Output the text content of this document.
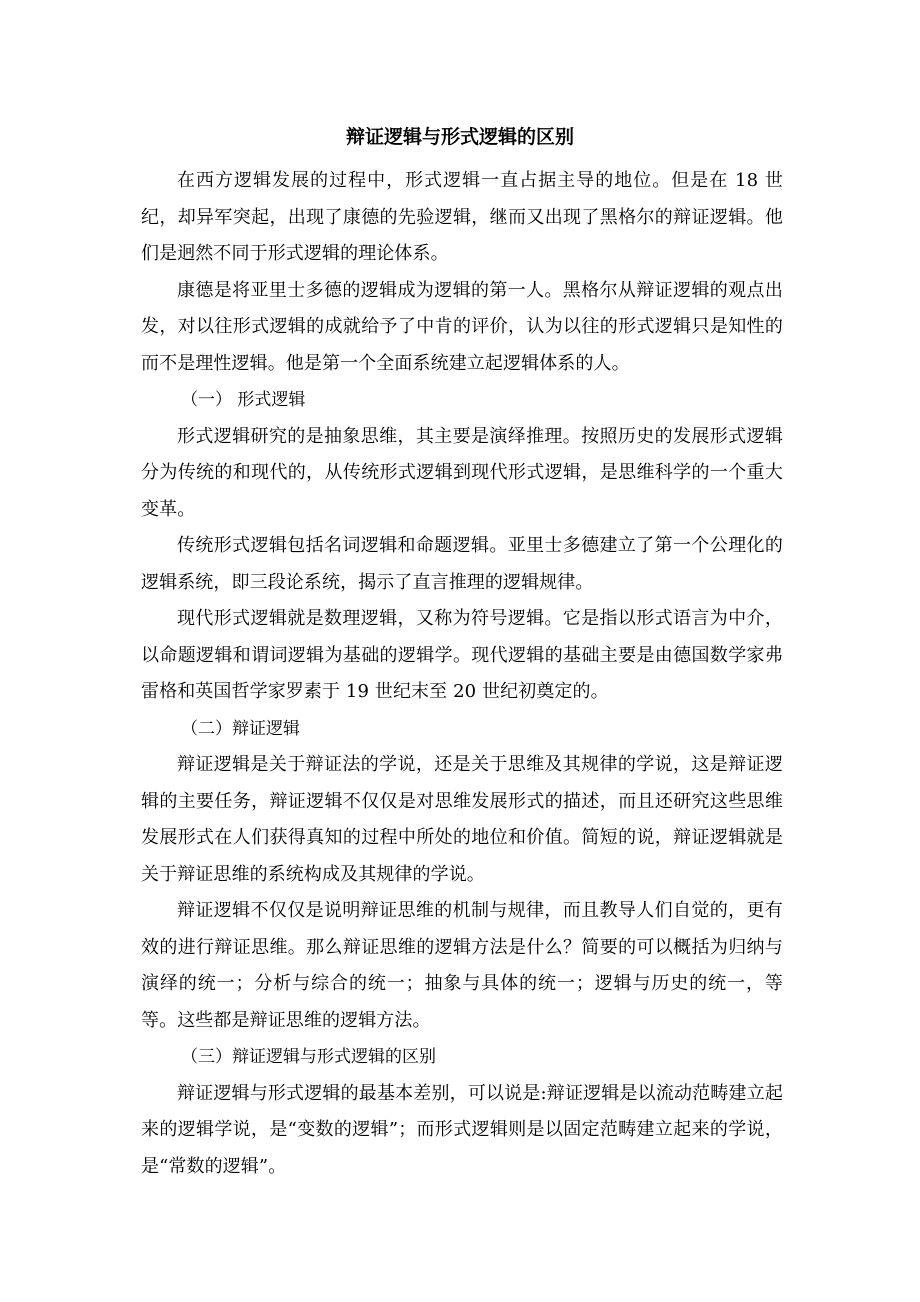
辩证逻辑与形式逻辑的区别

在西方逻辑发展的过程中，形式逻辑一直占据主导的地位。但是在 18 世纪，却异军突起，出现了康德的先验逻辑，继而又出现了黑格尔的辩证逻辑。他们是迥然不同于形式逻辑的理论体系。

康德是将亚里士多德的逻辑成为逻辑的第一人。黑格尔从辩证逻辑的观点出发，对以往形式逻辑的成就给予了中肯的评价，认为以往的形式逻辑只是知性的而不是理性逻辑。他是第一个全面系统建立起逻辑体系的人。

（一） 形式逻辑

形式逻辑研究的是抽象思维，其主要是演绎推理。按照历史的发展形式逻辑分为传统的和现代的，从传统形式逻辑到现代形式逻辑，是思维科学的一个重大变革。

传统形式逻辑包括名词逻辑和命题逻辑。亚里士多德建立了第一个公理化的逻辑系统，即三段论系统，揭示了直言推理的逻辑规律。

现代形式逻辑就是数理逻辑，又称为符号逻辑。它是指以形式语言为中介，以命题逻辑和谓词逻辑为基础的逻辑学。现代逻辑的基础主要是由德国数学家弗雷格和英国哲学家罗素于 19 世纪末至 20 世纪初奠定的。

（二）辩证逻辑

辩证逻辑是关于辩证法的学说，还是关于思维及其规律的学说，这是辩证逻辑的主要任务，辩证逻辑不仅仅是对思维发展形式的描述，而且还研究这些思维发展形式在人们获得真知的过程中所处的地位和价值。简短的说，辩证逻辑就是关于辩证思维的系统构成及其规律的学说。

辩证逻辑不仅仅是说明辩证思维的机制与规律，而且教导人们自觉的，更有效的进行辩证思维。那么辩证思维的逻辑方法是什么？简要的可以概括为归纳与演绎的统一；分析与综合的统一；抽象与具体的统一；逻辑与历史的统一，等等。这些都是辩证思维的逻辑方法。

（三）辩证逻辑与形式逻辑的区别

辩证逻辑与形式逻辑的最基本差别，可以说是:辩证逻辑是以流动范畴建立起来的逻辑学说，是“变数的逻辑”；而形式逻辑则是以固定范畴建立起来的学说，是“常数的逻辑”。
